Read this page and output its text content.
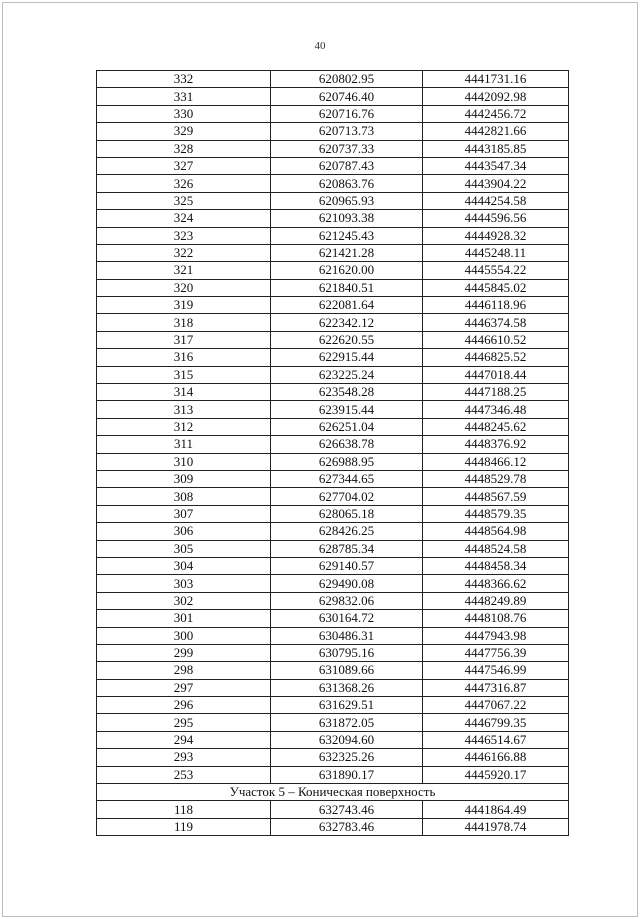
40
332	620802.95	4441731.16
331	620746.40	4442092.98
330	620716.76	4442456.72
329	620713.73	4442821.66
328	620737.33	4443185.85
327	620787.43	4443547.34
326	620863.76	4443904.22
325	620965.93	4444254.58
324	621093.38	4444596.56
323	621245.43	4444928.32
322	621421.28	4445248.11
321	621620.00	4445554.22
320	621840.51	4445845.02
319	622081.64	4446118.96
318	622342.12	4446374.58
317	622620.55	4446610.52
316	622915.44	4446825.52
315	623225.24	4447018.44
314	623548.28	4447188.25
313	623915.44	4447346.48
312	626251.04	4448245.62
311	626638.78	4448376.92
310	626988.95	4448466.12
309	627344.65	4448529.78
308	627704.02	4448567.59
307	628065.18	4448579.35
306	628426.25	4448564.98
305	628785.34	4448524.58
304	629140.57	4448458.34
303	629490.08	4448366.62
302	629832.06	4448249.89
301	630164.72	4448108.76
300	630486.31	4447943.98
299	630795.16	4447756.39
298	631089.66	4447546.99
297	631368.26	4447316.87
296	631629.51	4447067.22
295	631872.05	4446799.35
294	632094.60	4446514.67
293	632325.26	4446166.88
253	631890.17	4445920.17
Участок 5 – Коническая поверхность		
118	632743.46	4441864.49
119	632783.46	4441978.74
